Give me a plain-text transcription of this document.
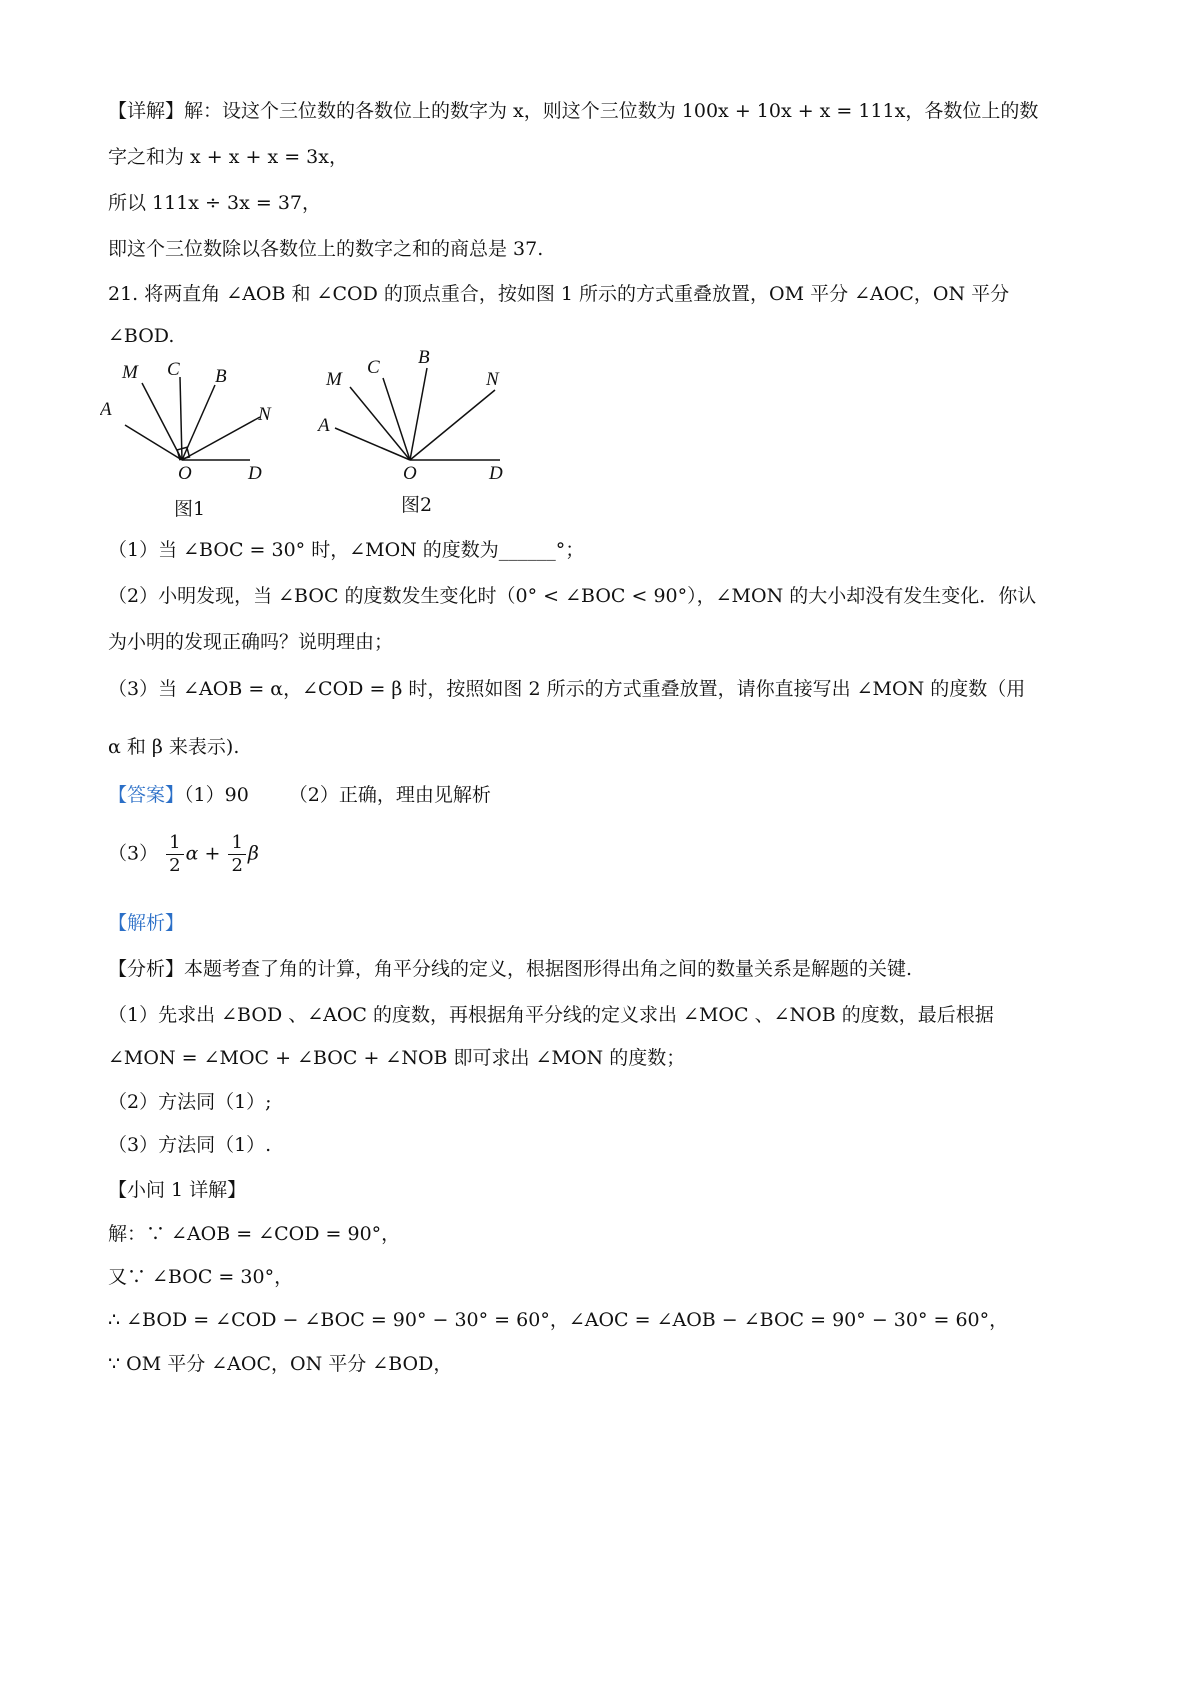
【详解】解：设这个三位数的各数位上的数字为 x，则这个三位数为 100x + 10x + x = 111x，各数位上的数
字之和为 x + x + x = 3x，
所以 111x ÷ 3x = 37，
即这个三位数除以各数位上的数字之和的商总是 37.
21. 将两直角 ∠AOB 和 ∠COD 的顶点重合，按如图 1 所示的方式重叠放置，OM 平分 ∠AOC，ON 平分
∠BOD.
M C B
A	N
O	D
图1
M
C B
A
N
O	D
图2
（1）当 ∠BOC = 30° 时，∠MON 的度数为______°；
（2）小明发现，当 ∠BOC 的度数发生变化时（0° < ∠BOC < 90°），∠MON 的大小却没有发生变化．你认
为小明的发现正确吗？说明理由；
（3）当 ∠AOB = α，∠COD = β 时，按照如图 2 所示的方式重叠放置，请你直接写出 ∠MON 的度数（用
α 和 β 来表示).
【答案】（1）90 （2）正确，理由见解析
$(3) \frac{1}{2}$ $\alpha + \frac{1}{2}$ β
【解析】
【分析】本题考查了角的计算，角平分线的定义，根据图形得出角之间的数量关系是解题的关键.
（1）先求出 ∠BOD 、∠AOC 的度数，再根据角平分线的定义求出 ∠MOC 、∠NOB 的度数，最后根据
∠MON = ∠MOC + ∠BOC + ∠NOB 即可求出 ∠MON 的度数；
（2）方法同（1）;
（3）方法同（1）.
【小问 1 详解】
解：∵ ∠AOB = ∠COD = 90°，
又∵ ∠BOC = 30°，
∴ ∠BOD = ∠COD − ∠BOC = 90° − 30° = 60°，∠AOC = ∠AOB − ∠BOC = 90° − 30° = 60°，
∵ OM 平分 ∠AOC，ON 平分 ∠BOD，
